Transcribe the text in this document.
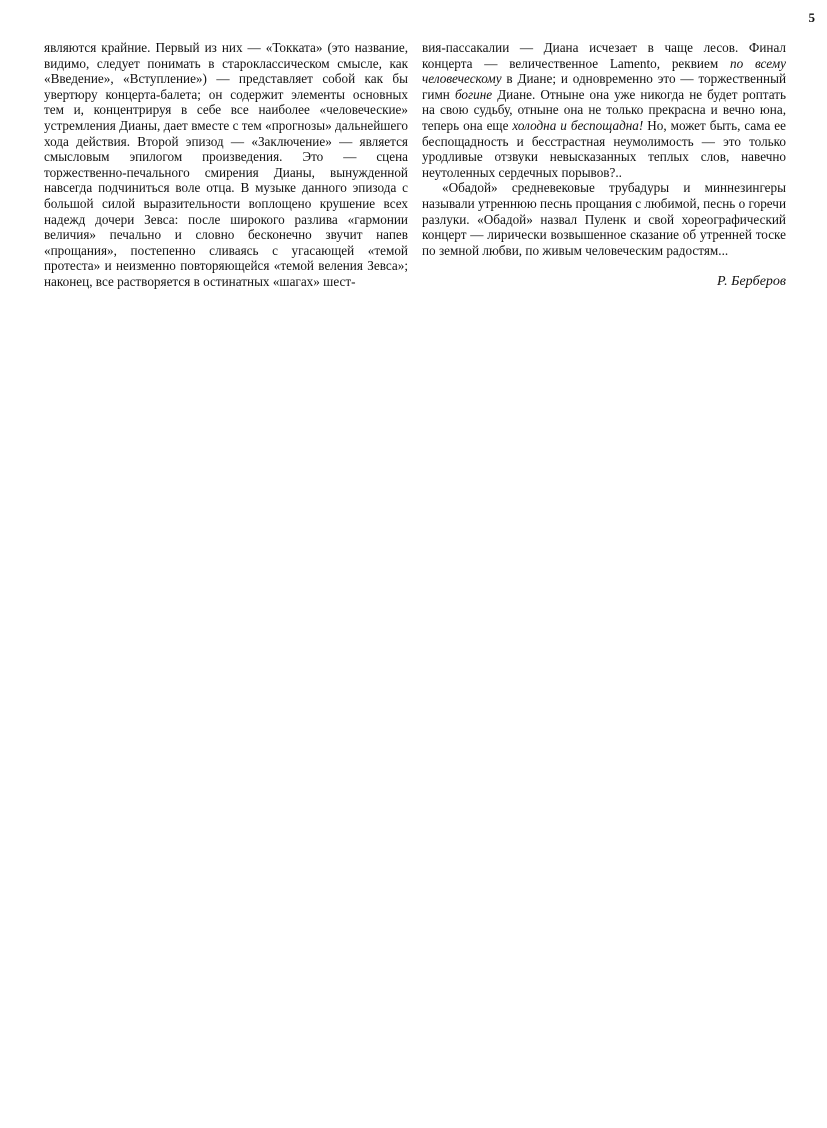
5

являются крайние. Первый из них — «Токката» (это название, видимо, следует понимать в староклассическом смысле, как «Введение», «Вступление») — представляет собой как бы увертюру концерта-балета; он содержит элементы основных тем и, концентрируя в себе все наиболее «человеческие» устремления Дианы, дает вместе с тем «прогнозы» дальнейшего хода действия. Второй эпизод — «Заключение» — является смысловым эпилогом произведения. Это — сцена торжественно-печального смирения Дианы, вынужденной навсегда подчиниться воле отца. В музыке данного эпизода с большой силой выразительности воплощено крушение всех надежд дочери Зевса: после широкого разлива «гармонии величия» печально и словно бесконечно звучит напев «прощания», постепенно сливаясь с угасающей «темой протеста» и неизменно повторяющейся «темой веления Зевса»; наконец, все растворяется в остинатных «шагах» шест-

вия-пассакалии — Диана исчезает в чаще лесов. Финал концерта — величественное Lamento, реквием по всему человеческому в Диане; и одновременно это — торжественный гимн богине Диане. Отныне она уже никогда не будет роптать на свою судьбу, отныне она не только прекрасна и вечно юна, теперь она еще холодна и беспощадна! Но, может быть, сама ее беспощадность и бесстрастная неумолимость — это только уродливые отзвуки невысказанных теплых слов, навечно неутоленных сердечных порывов?..

«Обадой» средневековые трубадуры и миннезингеры называли утреннюю песнь прощания с любимой, песнь о горечи разлуки. «Обадой» назвал Пуленк и свой хореографический концерт — лирически возвышенное сказание об утренней тоске по земной любви, по живым человеческим радостям...

Р. Берберов
